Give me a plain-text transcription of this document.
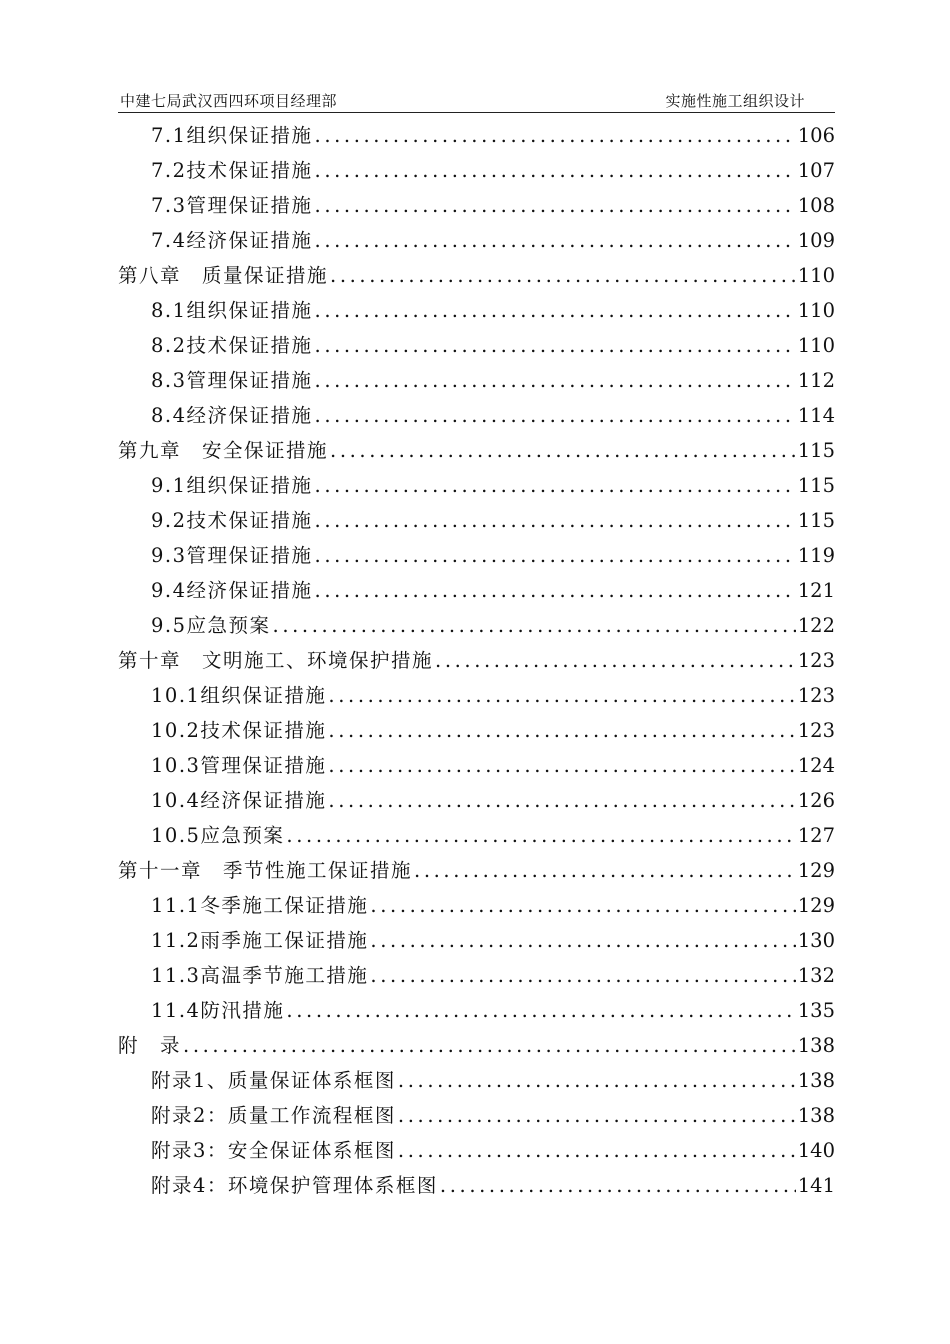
中建七局武汉西四环项目经理部	实施性施工组织设计
7.1组织保证措施 .....	106
7.2技术保证措施 .....	107
7.3管理保证措施 .....	108
7.4经济保证措施 .....	109
第八章　质量保证措施 .....	110
8.1组织保证措施 .....	110
8.2技术保证措施 .....	110
8.3管理保证措施 .....	112
8.4经济保证措施 .....	114
第九章　安全保证措施 .....	115
9.1组织保证措施 .....	115
9.2技术保证措施 .....	115
9.3管理保证措施 .....	119
9.4经济保证措施 .....	121
9.5应急预案 .....	122
第十章　文明施工、环境保护措施 .....	123
10.1组织保证措施 .....	123
10.2技术保证措施 .....	123
10.3管理保证措施 .....	124
10.4经济保证措施 .....	126
10.5应急预案 .....	127
第十一章　季节性施工保证措施 .....	129
11.1冬季施工保证措施 .....	129
11.2雨季施工保证措施 .....	130
11.3高温季节施工措施 .....	132
11.4防汛措施 .....	135
附　录 .....	138
附录1、质量保证体系框图 .....	138
附录2：质量工作流程框图 .....	138
附录3：安全保证体系框图 .....	140
附录4：环境保护管理体系框图 .....	141
